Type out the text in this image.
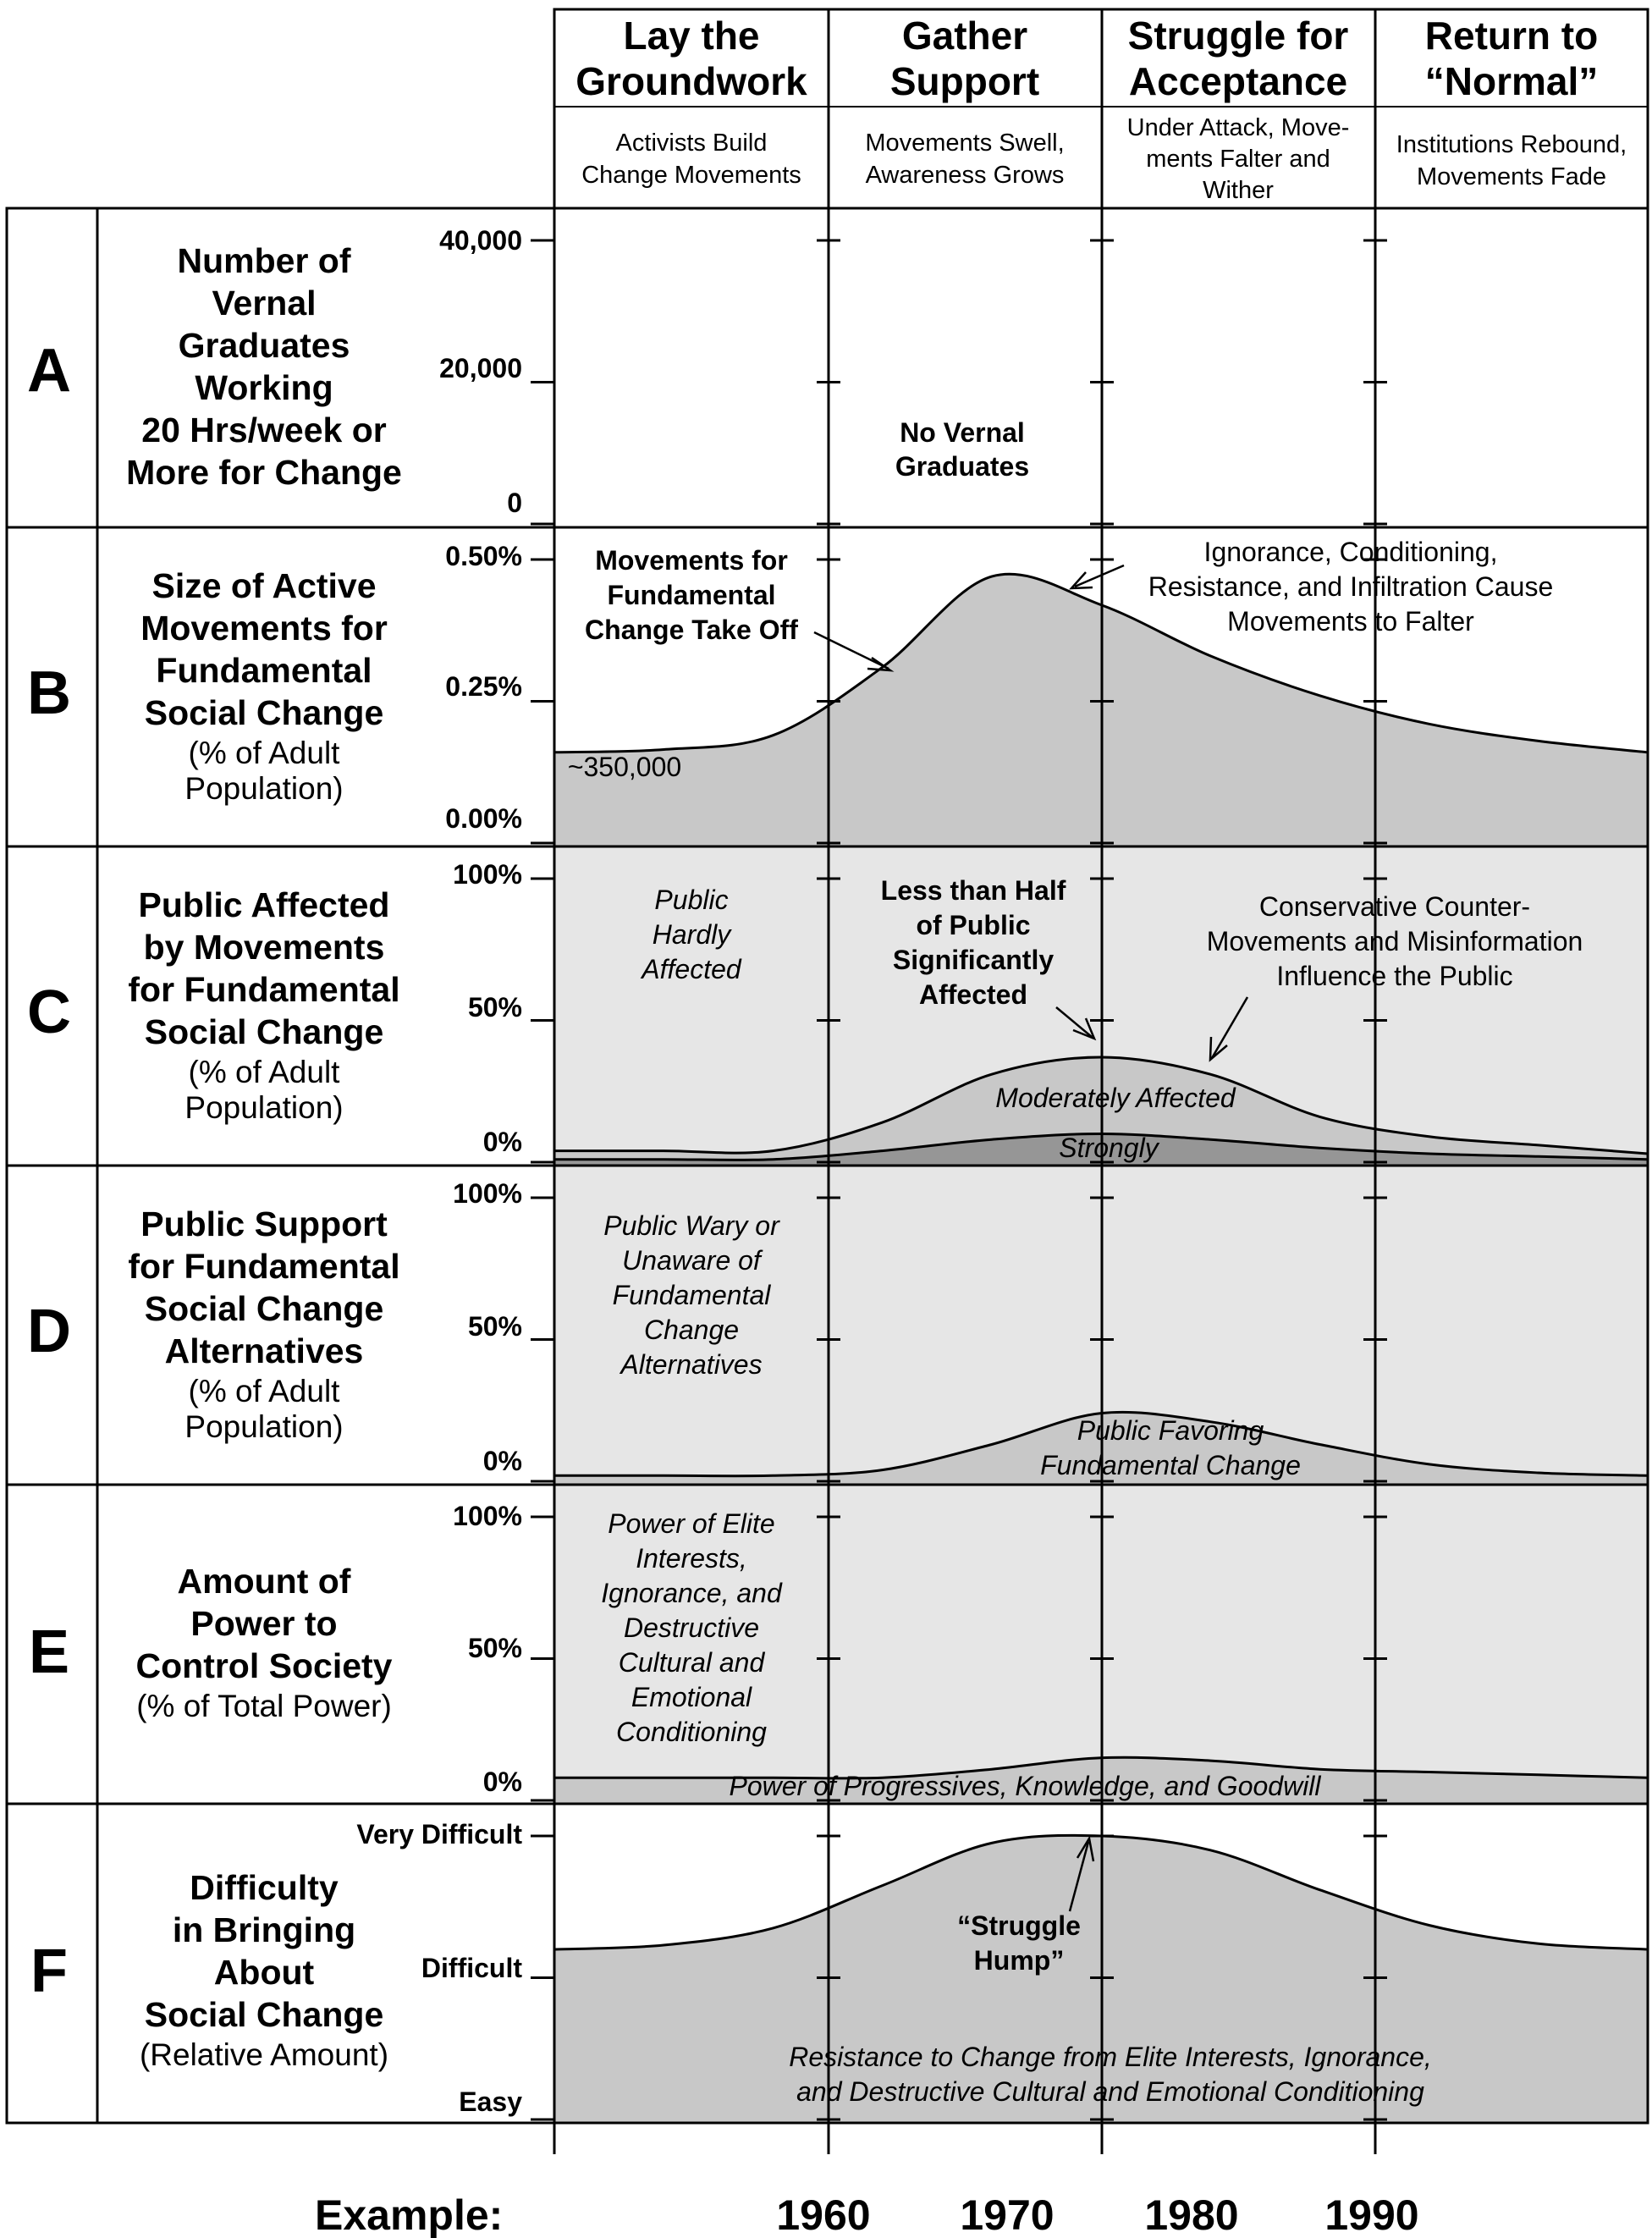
Lay the
Groundwork
Activists Build
Change Movements
Gather
Support
Movements Swell,
Awareness Grows
Struggle for
Acceptance
Under Attack, Move-
ments Falter and
Wither
Return to
“Normal”
Institutions Rebound,
Movements Fade
A
Number of
Vernal
Graduates
Working
20 Hrs/week or
More for Change
40,000
20,000
0
No Vernal
Graduates
B
Size of Active
Movements for
Fundamental
Social Change
(% of Adult
Population)
0.50%
0.25%
0.00%
Movements for
Fundamental
Change Take Off
Ignorance, Conditioning,
Resistance, and Infiltration Cause
Movements to Falter
~350,000
C
Public Affected
by Movements
for Fundamental
Social Change
(% of Adult
Population)
100%
50%
0%
Public
Hardly
Affected
Less than Half
of Public
Significantly
Affected
Conservative Counter-
Movements and Misinformation
Influence the Public
Moderately Affected
Strongly
D
Public Support
for Fundamental
Social Change
Alternatives
(% of Adult
Population)
100%
50%
0%
Public Wary or
Unaware of
Fundamental
Change
Alternatives
Public Favoring
Fundamental Change
E
Amount of
Power to
Control Society
(% of Total Power)
100%
50%
0%
Power of Elite
Interests,
Ignorance, and
Destructive
Cultural and
Emotional
Conditioning
Power of Progressives, Knowledge, and Goodwill
F
Difficulty
in Bringing
About
Social Change
(Relative Amount)
Very Difficult
Difficult
Easy
“Struggle
Hump”
Resistance to Change from Elite Interests, Ignorance,
and Destructive Cultural and Emotional Conditioning
Example:	1960 1970 1980 1990
